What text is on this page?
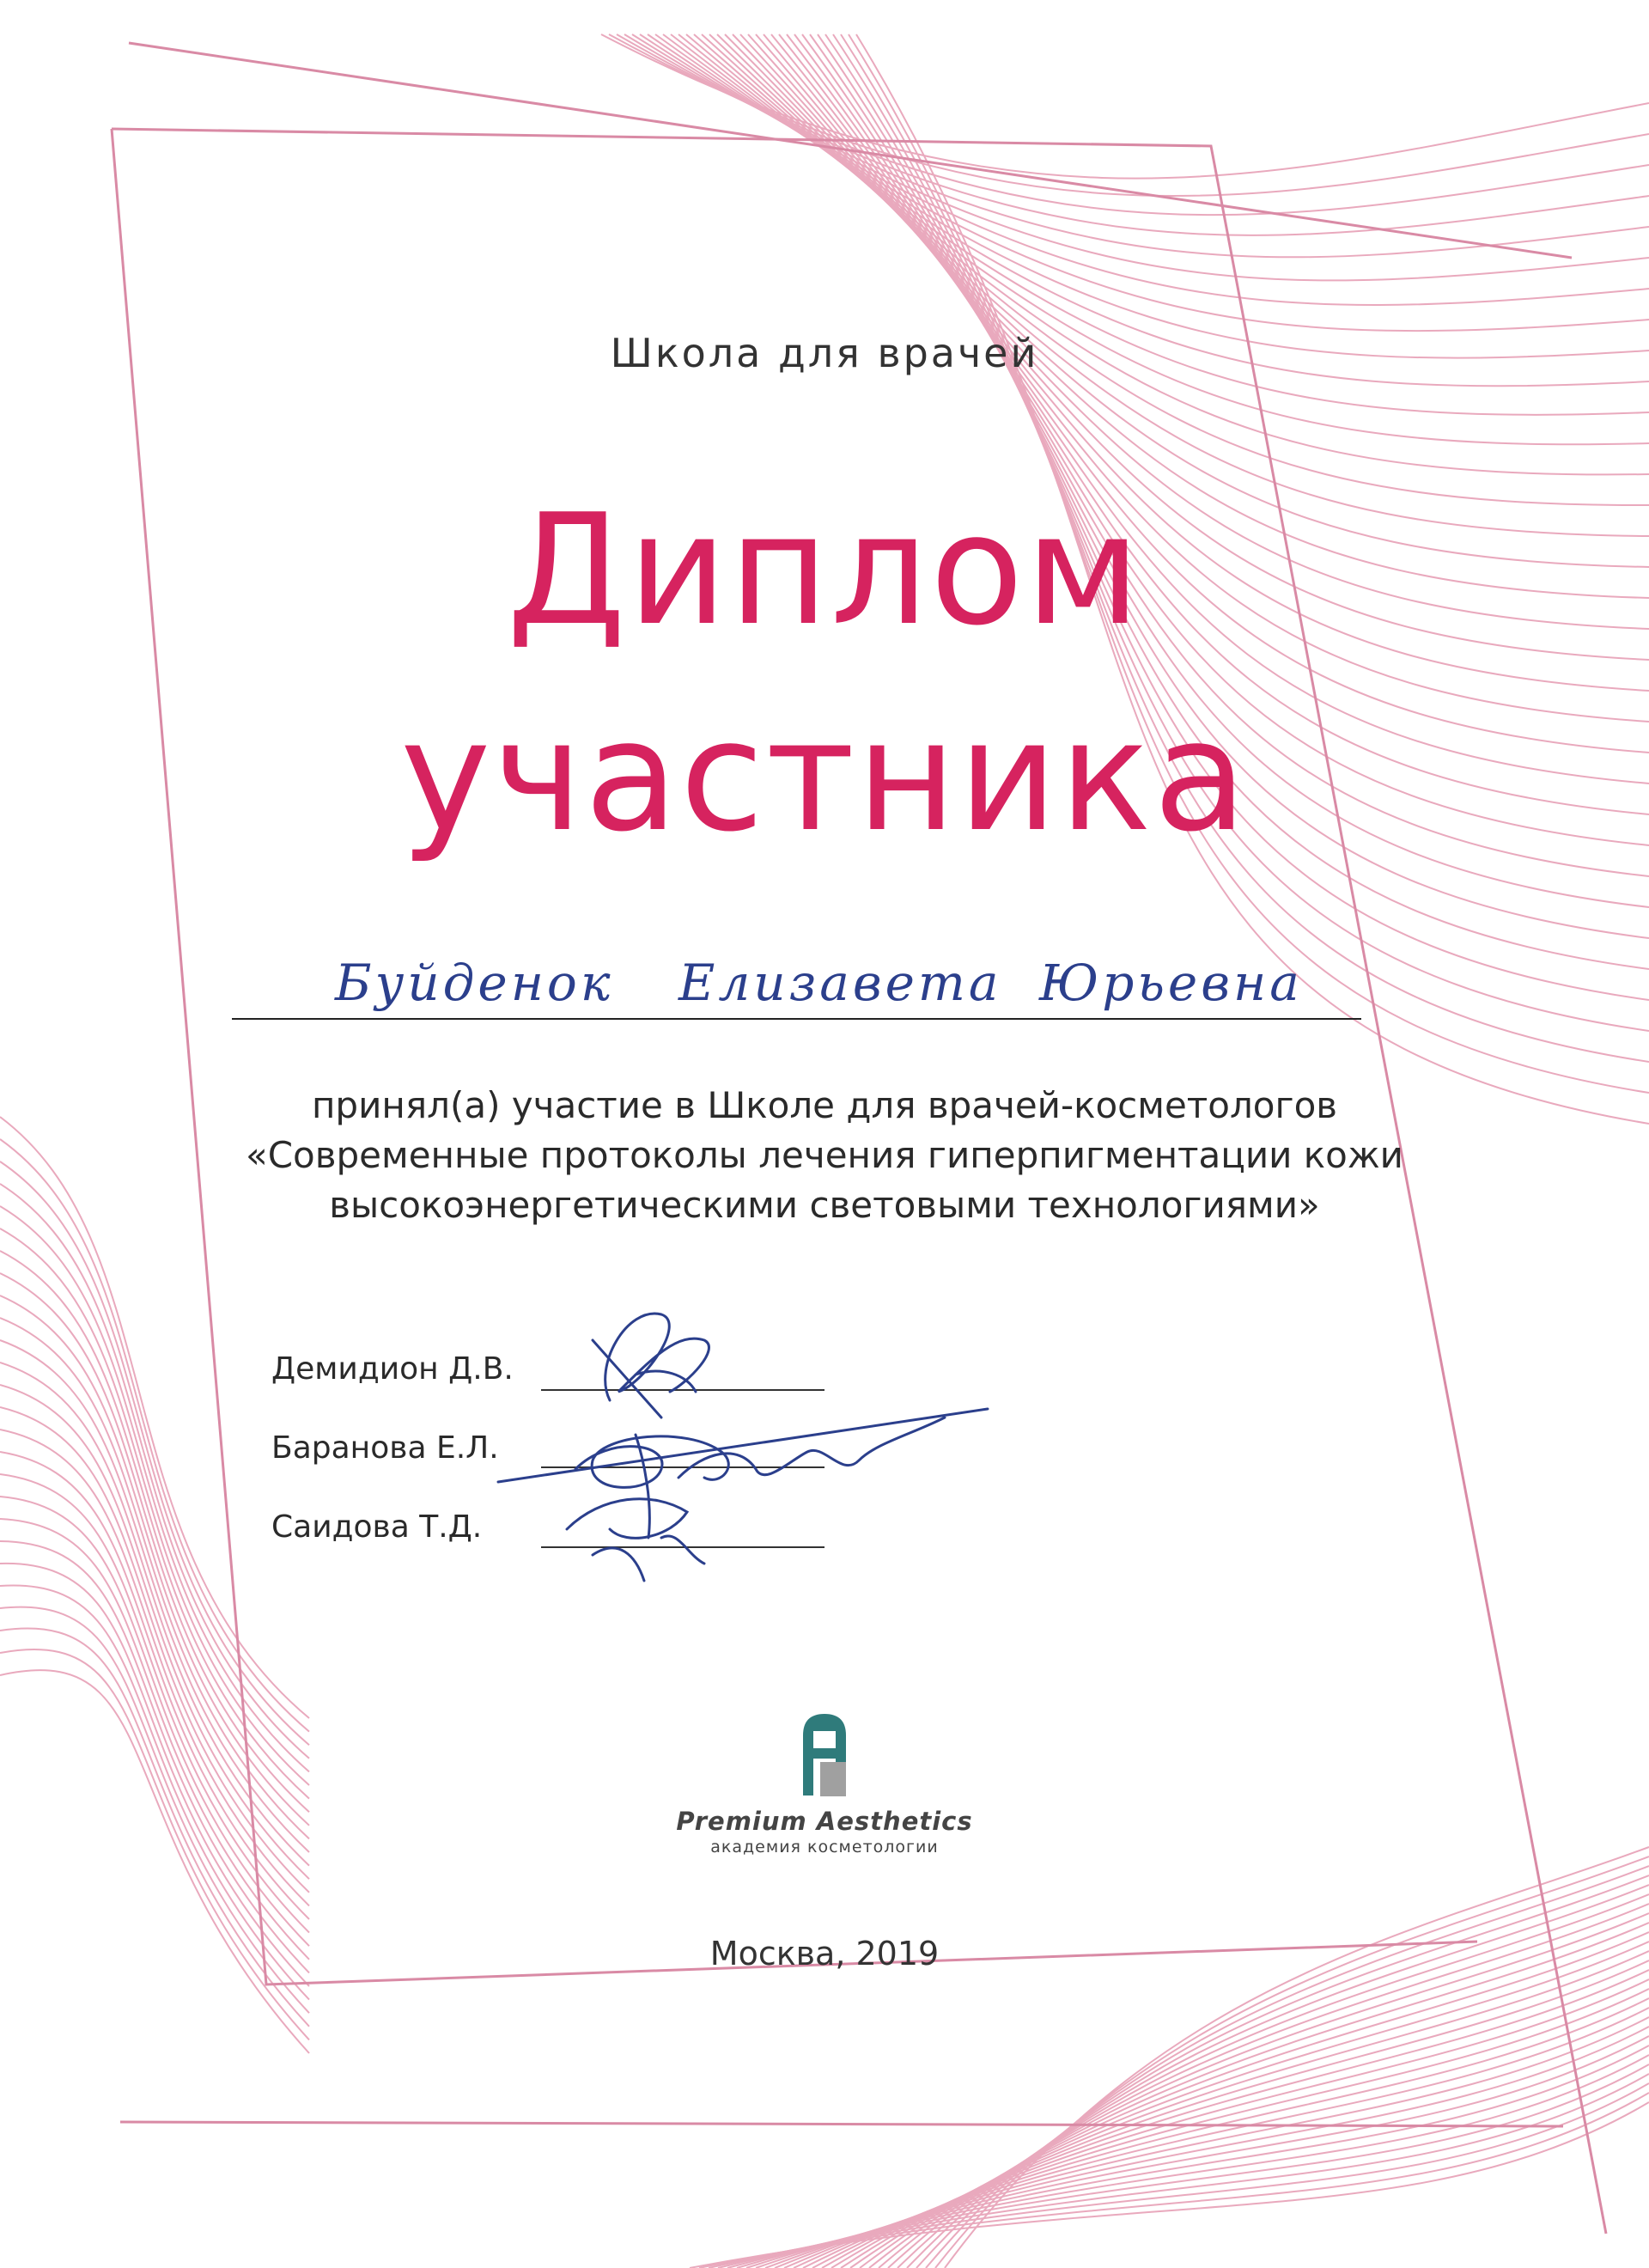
Школа для врачей
Диплом
участника
Буйденок Елизавета Юрьевна
принял(а) участие в Школе для врачей-косметологов
«Современные протоколы лечения гиперпигментации кожи
высокоэнергетическими световыми технологиями»
Демидион Д.В.
Баранова Е.Л.
Саидова Т.Д.
Premium Aesthetics
академия косметологии
Москва, 2019
